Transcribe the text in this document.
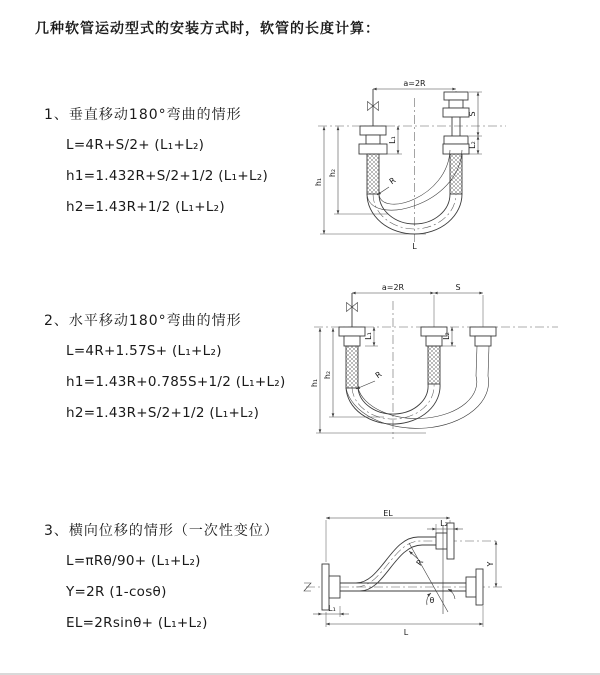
几种软管运动型式的安装方式时，软管的长度计算：

1、垂直移动180°弯曲的情形

L=4R+S/2+ (L₁+L₂)

h1=1.432R+S/2+1/2 (L₁+L₂)

h2=1.43R+1/2 (L₁+L₂)

a=2R
h₁
h₂
L₁
S
L₂
R
L

2、水平移动180°弯曲的情形

L=4R+1.57S+ (L₁+L₂)

h1=1.43R+0.785S+1/2 (L₁+L₂)

h2=1.43R+S/2+1/2 (L₁+L₂)

a=2R	S
h₁
h₂
L₁	L₂
R

3、横向位移的情形（一次性变位）

L=πRθ/90+ (L₁+L₂)

Y=2R (1-cosθ)

EL=2Rsinθ+ (L₁+L₂)

θ
R
EL
L₂
Y
L
L₁
